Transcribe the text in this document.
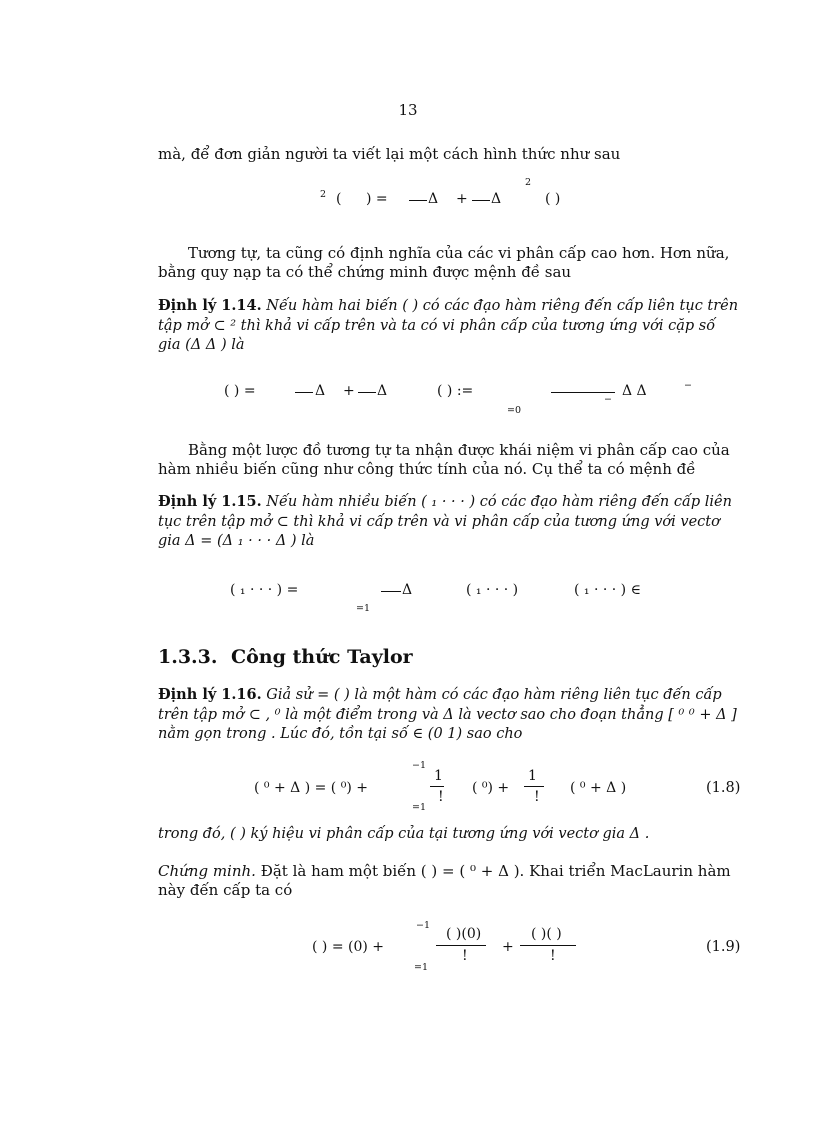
13
mà, để đơn giản người ta viết lại một cách hình thức như sau
2 ( ) =	Δ + Δ
2
( )
Tương tự, ta cũng có định nghĩa của các vi phân cấp cao hơn. Hơn nữa, bằng quy nạp ta có thể chứng minh được mệnh đề sau
Định lý 1.14. Nếu hàm hai biến ( ) có các đạo hàm riêng đến cấp liên tục trên tập mở ⊂ ² thì khả vi cấp trên và ta có vi phân cấp của tương ứng với cặp số gia (Δ Δ ) là
( ) =	Δ + Δ	( ) :=
=0
−
Δ Δ	−
Bằng một lược đồ tương tự ta nhận được khái niệm vi phân cấp cao của hàm nhiều biến cũng như công thức tính của nó. Cụ thể ta có mệnh đề
Định lý 1.15. Nếu hàm nhiều biến ( ₁ · · · ) có các đạo hàm riêng đến cấp liên tục trên tập mở ⊂ thì khả vi cấp trên và vi phân cấp của tương ứng với vectơ gia Δ = (Δ ₁ · · · Δ ) là
( ₁ · · · ) =
=1
Δ	( ₁ · · · )	( ₁ · · · ) ∈
1.3.3. Công thức Taylor
Định lý 1.16. Giả sử = ( ) là một hàm có các đạo hàm riêng liên tục đến cấp trên tập mở ⊂ , ⁰ là một điểm trong và Δ là vectơ sao cho đoạn thẳng [ ⁰ ⁰ + Δ ] nằm gọn trong . Lúc đó, tồn tại số ∈ (0 1) sao cho
( ⁰ + Δ ) = ( ⁰) +
−1
=1
1
!
( ⁰) +
1
!
( ⁰ + Δ )	(1.8)
trong đó, ( ) ký hiệu vi phân cấp của tại tương ứng với vectơ gia Δ .
Chứng minh. Đặt là ham một biến ( ) = ( ⁰ + Δ ). Khai triển MacLaurin hàm này đến cấp ta có
( ) = (0) +
−1
=1
( )(0)
!
+
( )( )
!
(1.9)
